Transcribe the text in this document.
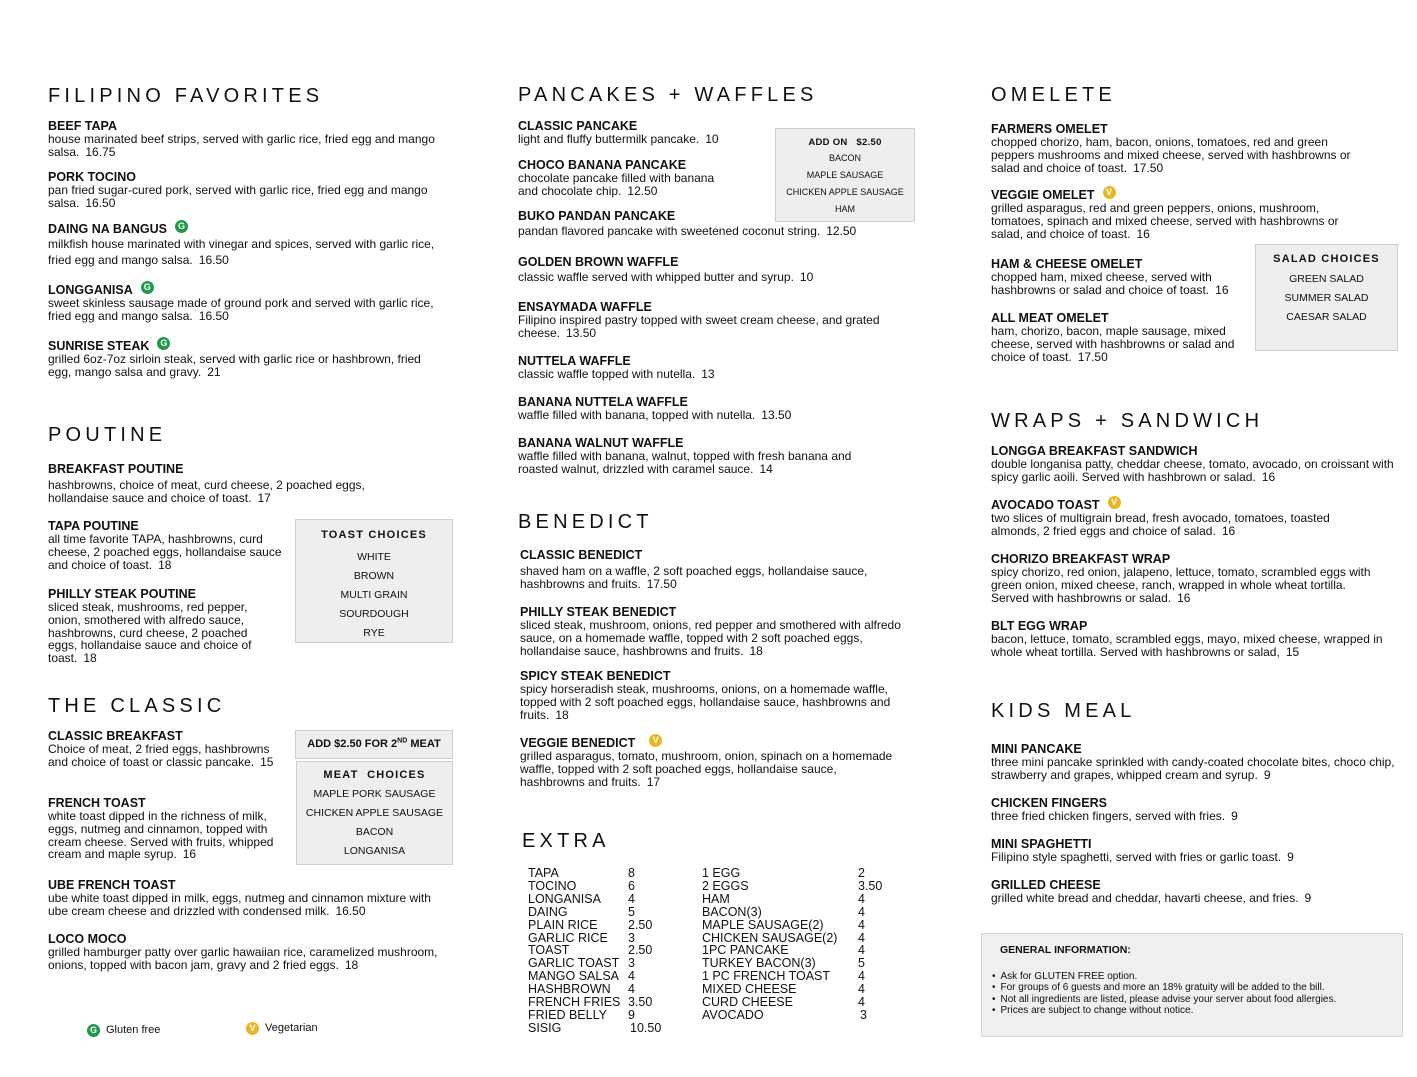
FILIPINO FAVORITES
BEEF TAPA
house marinated beef strips, served with garlic rice, fried egg and mango salsa. 16.75
PORK TOCINO
pan fried sugar-cured pork, served with garlic rice, fried egg and mango salsa. 16.50
DAING NA BANGUS G
milkfish house marinated with vinegar and spices, served with garlic rice, fried egg and mango salsa. 16.50
LONGGANISA G
sweet skinless sausage made of ground pork and served with garlic rice, fried egg and mango salsa. 16.50
SUNRISE STEAK G
grilled 6oz-7oz sirloin steak, served with garlic rice or hashbrown, fried egg, mango salsa and gravy. 21
POUTINE
BREAKFAST POUTINE
hashbrowns, choice of meat, curd cheese, 2 poached eggs, hollandaise sauce and choice of toast. 17
TAPA POUTINE
all time favorite TAPA, hashbrowns, curd cheese, 2 poached eggs, hollandaise sauce and choice of toast. 18
PHILLY STEAK POUTINE
sliced steak, mushrooms, red pepper, onion, smothered with alfredo sauce, hashbrowns, curd cheese, 2 poached eggs, hollandaise sauce and choice of toast. 18
TOAST CHOICES
WHITE
BROWN
MULTI GRAIN
SOURDOUGH
RYE
THE CLASSIC
CLASSIC BREAKFAST
Choice of meat, 2 fried eggs, hashbrowns and choice of toast or classic pancake. 15
FRENCH TOAST
white toast dipped in the richness of milk, eggs, nutmeg and cinnamon, topped with cream cheese. Served with fruits, whipped cream and maple syrup. 16
UBE FRENCH TOAST
ube white toast dipped in milk, eggs, nutmeg and cinnamon mixture with ube cream cheese and drizzled with condensed milk. 16.50
LOCO MOCO
grilled hamburger patty over garlic hawaiian rice, caramelized mushroom, onions, topped with bacon jam, gravy and 2 fried eggs. 18
ADD $2.50 FOR 2ND MEAT
MEAT  CHOICES
MAPLE PORK SAUSAGE
CHICKEN APPLE SAUSAGE
BACON
LONGANISA
G Gluten free	V Vegetarian
PANCAKES + WAFFLES
CLASSIC PANCAKE
light and fluffy buttermilk pancake. 10
CHOCO BANANA PANCAKE
chocolate pancake filled with banana and chocolate chip. 12.50
BUKO PANDAN PANCAKE
pandan flavored pancake with sweetened coconut string. 12.50
GOLDEN BROWN WAFFLE
classic waffle served with whipped butter and syrup. 10
ENSAYMADA WAFFLE
Filipino inspired pastry topped with sweet cream cheese, and grated cheese. 13.50
NUTTELA WAFFLE
classic waffle topped with nutella. 13
BANANA NUTTELA WAFFLE
waffle filled with banana, topped with nutella. 13.50
BANANA WALNUT WAFFLE
waffle filled with banana, walnut, topped with fresh banana and roasted walnut, drizzled with caramel sauce. 14
ADD ON   $2.50
BACON
MAPLE SAUSAGE
CHICKEN APPLE SAUSAGE
HAM
BENEDICT
CLASSIC BENEDICT
shaved ham on a waffle, 2 soft poached eggs, hollandaise sauce, hashbrowns and fruits. 17.50
PHILLY STEAK BENEDICT
sliced steak, mushroom, onions, red pepper and smothered with alfredo sauce, on a homemade waffle, topped with 2 soft poached eggs, hollandaise sauce, hashbrowns and fruits. 18
SPICY STEAK BENEDICT
spicy horseradish steak, mushrooms, onions, on a homemade waffle, topped with 2 soft poached eggs, hollandaise sauce, hashbrowns and fruits. 18
VEGGIE BENEDICT V
grilled asparagus, tomato, mushroom, onion, spinach on a homemade waffle, topped with 2 soft poached eggs, hollandaise sauce, hashbrowns and fruits. 17
EXTRA
TAPA	8
TOCINO	6
LONGANISA 4
DAING	5
PLAIN RICE 2.50
GARLIC RICE 3
TOAST	2.50
GARLIC TOAST 3
MANGO SALSA 4
HASHBROWN 4
FRENCH FRIES 3.50
FRIED BELLY 9
SISIG	10.50
1 EGG	2
2 EGGS	3.50
HAM	4
BACON(3)	4
MAPLE SAUSAGE(2)	4
CHICKEN SAUSAGE(2) 4
1PC PANCAKE	4
TURKEY BACON(3)	5
1 PC FRENCH TOAST 4
MIXED CHEESE	4
CURD CHEESE	4
AVOCADO	3
OMELETE
FARMERS OMELET
chopped chorizo, ham, bacon, onions, tomatoes, red and green peppers mushrooms and mixed cheese, served with hashbrowns or salad and choice of toast. 17.50
VEGGIE OMELET V
grilled asparagus, red and green peppers, onions, mushroom, tomatoes, spinach and mixed cheese, served with hashbrowns or salad, and choice of toast. 16
HAM & CHEESE OMELET
chopped ham, mixed cheese, served with hashbrowns or salad and choice of toast. 16
ALL MEAT OMELET
ham, chorizo, bacon, maple sausage, mixed cheese, served with hashbrowns or salad and choice of toast. 17.50
SALAD CHOICES
GREEN SALAD
SUMMER SALAD
CAESAR SALAD
WRAPS + SANDWICH
LONGGA BREAKFAST SANDWICH
double longanisa patty, cheddar cheese, tomato, avocado, on croissant with spicy garlic aoili. Served with hashbrown or salad. 16
AVOCADO TOAST V
two slices of multigrain bread, fresh avocado, tomatoes, toasted almonds, 2 fried eggs and choice of salad. 16
CHORIZO BREAKFAST WRAP
spicy chorizo, red onion, jalapeno, lettuce, tomato, scrambled eggs with green onion, mixed cheese, ranch, wrapped in whole wheat tortilla. Served with hashbrowns or salad. 16
BLT EGG WRAP
bacon, lettuce, tomato, scrambled eggs, mayo, mixed cheese, wrapped in whole wheat tortilla. Served with hashbrowns or salad, 15
KIDS MEAL
MINI PANCAKE
three mini pancake sprinkled with candy-coated chocolate bites, choco chip, strawberry and grapes, whipped cream and syrup. 9
CHICKEN FINGERS
three fried chicken fingers, served with fries. 9
MINI SPAGHETTI
Filipino style spaghetti, served with fries or garlic toast. 9
GRILLED CHEESE
grilled white bread and cheddar, havarti cheese, and fries. 9
GENERAL INFORMATION:
• Ask for GLUTEN FREE option.
• For groups of 6 guests and more an 18% gratuity will be added to the bill.
• Not all ingredients are listed, please advise your server about food allergies.
• Prices are subject to change without notice.
